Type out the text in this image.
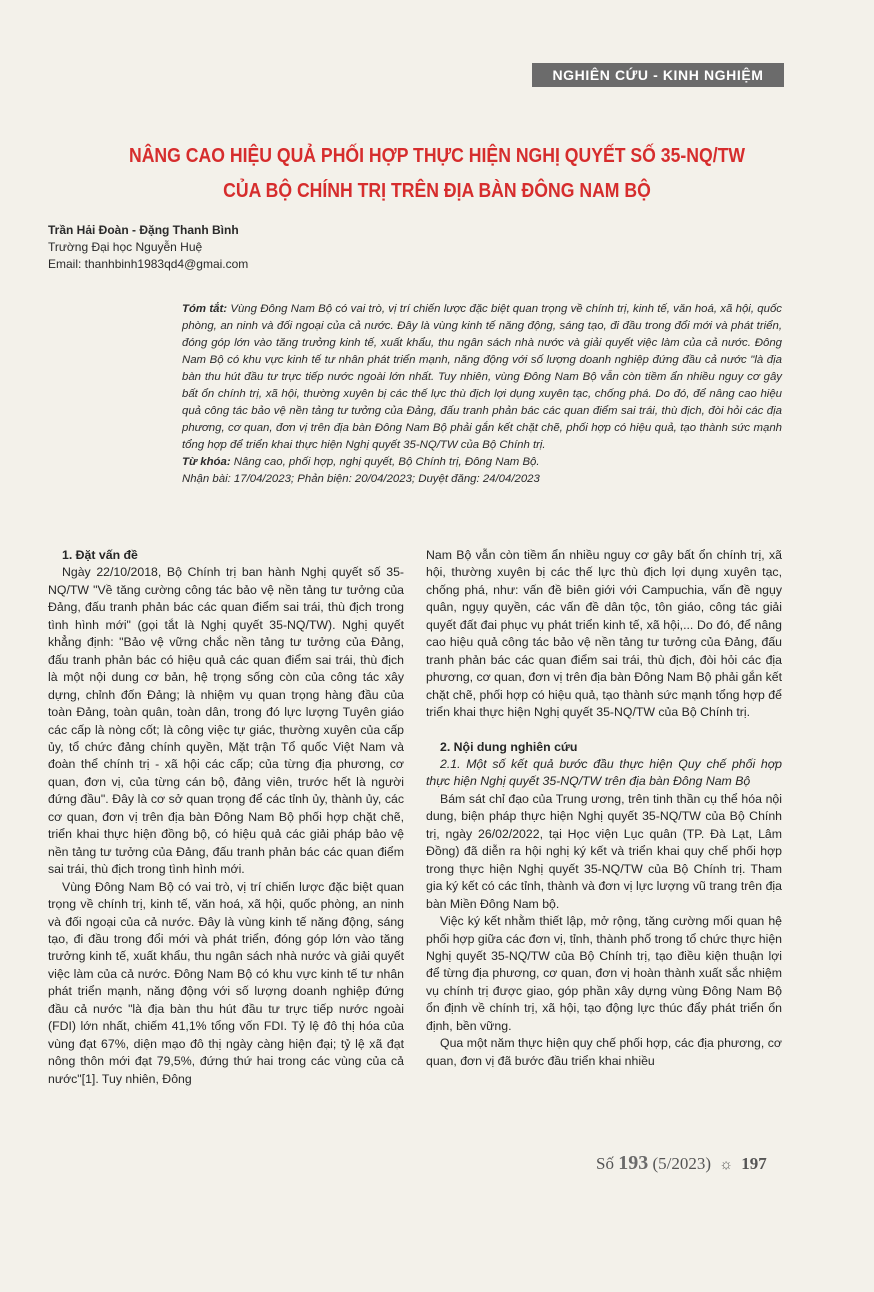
NGHIÊN CỨU - KINH NGHIỆM
NÂNG CAO HIỆU QUẢ PHỐI HỢP THỰC HIỆN NGHỊ QUYẾT SỐ 35-NQ/TW
CỦA BỘ CHÍNH TRỊ TRÊN ĐỊA BÀN ĐÔNG NAM BỘ
Trần Hải Đoàn - Đặng Thanh Bình
Trường Đại học Nguyễn Huệ
Email: thanhbinh1983qd4@gmai.com

Tóm tắt: Vùng Đông Nam Bộ có vai trò, vị trí chiến lược đặc biệt quan trọng về chính trị, kinh tế, văn hoá, xã hội, quốc phòng, an ninh và đối ngoại của cả nước. Đây là vùng kinh tế năng động, sáng tạo, đi đầu trong đổi mới và phát triển, đóng góp lớn vào tăng trưởng kinh tế, xuất khẩu, thu ngân sách nhà nước và giải quyết việc làm của cả nước. Đông Nam Bộ có khu vực kinh tế tư nhân phát triển mạnh, năng động với số lượng doanh nghiệp đứng đầu cả nước "là địa bàn thu hút đầu tư trực tiếp nước ngoài lớn nhất. Tuy nhiên, vùng Đông Nam Bộ vẫn còn tiềm ẩn nhiều nguy cơ gây bất ổn chính trị, xã hội, thường xuyên bị các thế lực thù địch lợi dụng xuyên tạc, chống phá. Do đó, để nâng cao hiệu quả công tác bảo vệ nền tảng tư tưởng của Đảng, đấu tranh phản bác các quan điểm sai trái, thù địch, đòi hỏi các địa phương, cơ quan, đơn vị trên địa bàn Đông Nam Bộ phải gắn kết chặt chẽ, phối hợp có hiệu quả, tạo thành sức mạnh tổng hợp để triển khai thực hiện Nghị quyết 35-NQ/TW của Bộ Chính trị.

Từ khóa: Nâng cao, phối hợp, nghị quyết, Bộ Chính trị, Đông Nam Bộ.

Nhận bài: 17/04/2023; Phản biện: 20/04/2023; Duyệt đăng: 24/04/2023

1. Đặt vấn đề

Ngày 22/10/2018, Bộ Chính trị ban hành Nghị quyết số 35-NQ/TW "Về tăng cường công tác bảo vệ nền tảng tư tưởng của Đảng, đấu tranh phản bác các quan điểm sai trái, thù địch trong tình hình mới" (gọi tắt là Nghị quyết 35-NQ/TW). Nghị quyết khẳng định: "Bảo vệ vững chắc nền tảng tư tưởng của Đảng, đấu tranh phản bác có hiệu quả các quan điểm sai trái, thù địch là một nội dung cơ bản, hệ trọng sống còn của công tác xây dựng, chỉnh đốn Đảng; là nhiệm vụ quan trọng hàng đầu của toàn Đảng, toàn quân, toàn dân, trong đó lực lượng Tuyên giáo các cấp là nòng cốt; là công việc tự giác, thường xuyên của cấp ủy, tổ chức đảng chính quyền, Mặt trận Tổ quốc Việt Nam và đoàn thể chính trị - xã hội các cấp; của từng địa phương, cơ quan, đơn vị, của từng cán bộ, đảng viên, trước hết là người đứng đầu". Đây là cơ sở quan trọng để các tỉnh ủy, thành ủy, các cơ quan, đơn vị trên địa bàn Đông Nam Bộ phối hợp chặt chẽ, triển khai thực hiện đồng bộ, có hiệu quả các giải pháp bảo vệ nền tảng tư tưởng của Đảng, đấu tranh phản bác các quan điểm sai trái, thù địch trong tình hình mới.

Vùng Đông Nam Bộ có vai trò, vị trí chiến lược đặc biệt quan trọng về chính trị, kinh tế, văn hoá, xã hội, quốc phòng, an ninh và đối ngoại của cả nước. Đây là vùng kinh tế năng động, sáng tạo, đi đầu trong đổi mới và phát triển, đóng góp lớn vào tăng trưởng kinh tế, xuất khẩu, thu ngân sách nhà nước và giải quyết việc làm của cả nước. Đông Nam Bộ có khu vực kinh tế tư nhân phát triển mạnh, năng động với số lượng doanh nghiệp đứng đầu cả nước "là địa bàn thu hút đầu tư trực tiếp nước ngoài (FDI) lớn nhất, chiếm 41,1% tổng vốn FDI. Tỷ lệ đô thị hóa của vùng đạt 67%, diện mạo đô thị ngày càng hiện đại; tỷ lệ xã đạt nông thôn mới đạt 79,5%, đứng thứ hai trong các vùng của cả nước"[1]. Tuy nhiên, Đông

Nam Bộ vẫn còn tiềm ẩn nhiều nguy cơ gây bất ổn chính trị, xã hội, thường xuyên bị các thế lực thù địch lợi dụng xuyên tạc, chống phá, như: vấn đề biên giới với Campuchia, vấn đề ngụy quân, ngụy quyền, các vấn đề dân tộc, tôn giáo, công tác giải quyết đất đai phục vụ phát triển kinh tế, xã hội,... Do đó, để nâng cao hiệu quả công tác bảo vệ nền tảng tư tưởng của Đảng, đấu tranh phản bác các quan điểm sai trái, thù địch, đòi hỏi các địa phương, cơ quan, đơn vị trên địa bàn Đông Nam Bộ phải gắn kết chặt chẽ, phối hợp có hiệu quả, tạo thành sức mạnh tổng hợp để triển khai thực hiện Nghị quyết 35-NQ/TW của Bộ Chính trị.

2. Nội dung nghiên cứu

2.1. Một số kết quả bước đầu thực hiện Quy chế phối hợp thực hiện Nghị quyết 35-NQ/TW trên địa bàn Đông Nam Bộ

Bám sát chỉ đạo của Trung ương, trên tinh thần cụ thể hóa nội dung, biện pháp thực hiện Nghị quyết 35-NQ/TW của Bộ Chính trị, ngày 26/02/2022, tại Học viện Lục quân (TP. Đà Lạt, Lâm Đồng) đã diễn ra hội nghị ký kết và triển khai quy chế phối hợp trong thực hiện Nghị quyết 35-NQ/TW của Bộ Chính trị. Tham gia ký kết có các tỉnh, thành và đơn vị lực lượng vũ trang trên địa bàn Miền Đông Nam bộ.

Việc ký kết nhằm thiết lập, mở rộng, tăng cường mối quan hệ phối hợp giữa các đơn vị, tỉnh, thành phố trong tổ chức thực hiện Nghị quyết 35-NQ/TW của Bộ Chính trị, tạo điều kiện thuận lợi để từng địa phương, cơ quan, đơn vị hoàn thành xuất sắc nhiệm vụ chính trị được giao, góp phần xây dựng vùng Đông Nam Bộ ổn định về chính trị, xã hội, tạo động lực thúc đẩy phát triển ổn định, bền vững.

Qua một năm thực hiện quy chế phối hợp, các địa phương, cơ quan, đơn vị đã bước đầu triển khai nhiều

Số 193 (5/2023) ☼ 197
